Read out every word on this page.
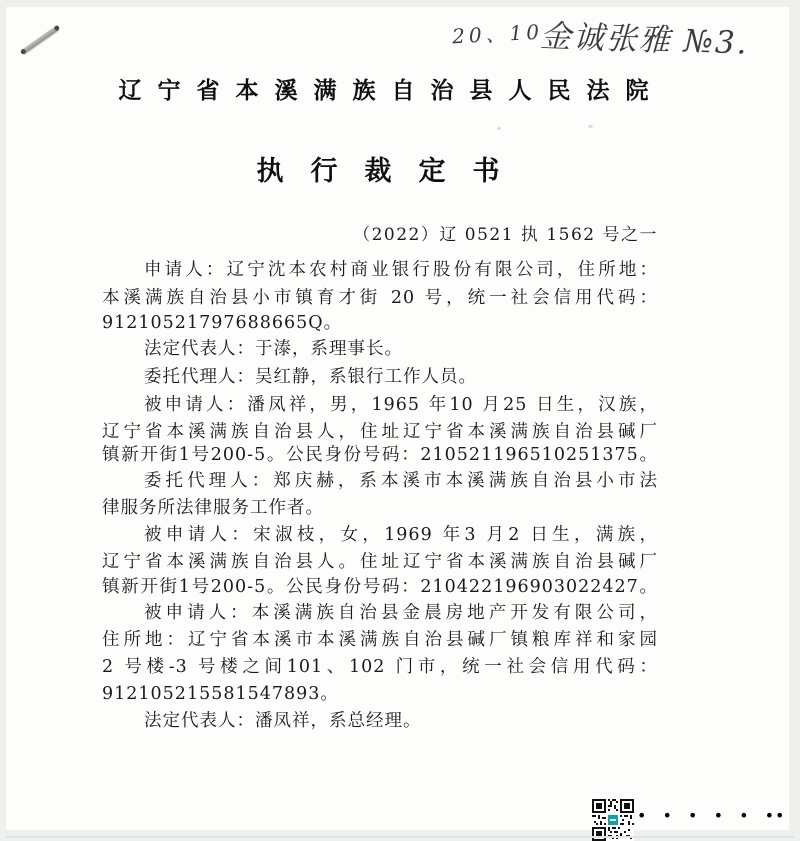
20、10
金诚张雅 №3.
辽宁省本溪满族自治县人民法院
执行裁定书
（2022）辽 0521 执 1562 号之一
申请人：辽宁沈本农村商业银行股份有限公司，住所地：
本溪满族自治县小市镇育才街 20 号，统一社会信用代码：
91210521797688665Q。
法定代表人：于溙，系理事长。
委托代理人：吴红静，系银行工作人员。
被申请人：潘凤祥，男，1965 年10 月25 日生，汉族，
辽宁省本溪满族自治县人，住址辽宁省本溪满族自治县碱厂
镇新开街1号200-5。公民身份号码：210521196510251375。
委托代理人：郑庆赫，系本溪市本溪满族自治县小市法
律服务所法律服务工作者。
被申请人：宋淑枝，女，1969 年3 月2 日生，满族，
辽宁省本溪满族自治县人。住址辽宁省本溪满族自治县碱厂
镇新开街1号200-5。公民身份号码：210422196903022427。
被申请人：本溪满族自治县金晨房地产开发有限公司，
住所地：辽宁省本溪市本溪满族自治县碱厂镇粮库祥和家园
2 号楼-3 号楼之间101、102 门市，统一社会信用代码：
912105215581547893。
法定代表人：潘凤祥，系总经理。
• • • • • ••
